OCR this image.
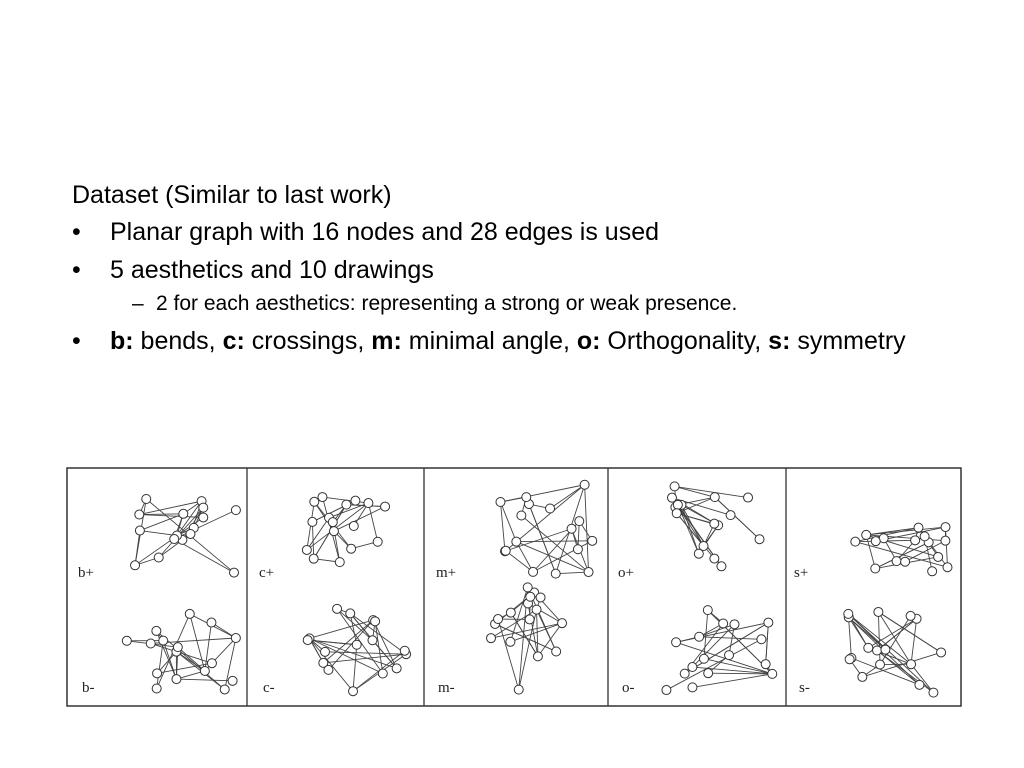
Dataset (Similar to last work)
• Planar graph with 16 nodes and 28 edges is used
• 5 aesthetics and 10 drawings
– 2 for each aesthetics: representing a strong or weak presence.
• b: bends, c: crossings, m: minimal angle, o: Orthogonality, s: symmetry
b+
b-
c+
c-
m+
m-
o+
o-
s+
s-
